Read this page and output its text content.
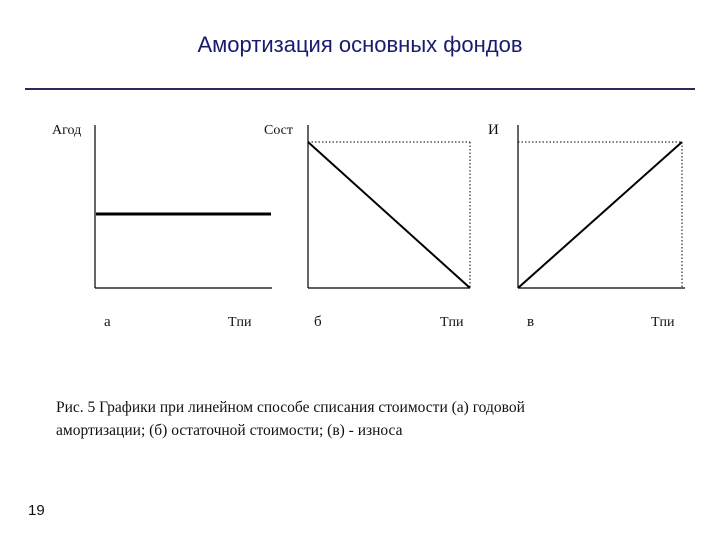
Амортизация основных фондов
Aгод
а	Tпи
Cост
б	Tпи
И
в	Tпи
Рис. 5 Графики при линейном способе списания стоимости (а) годовой
амортизации; (б) остаточной стоимости; (в) - износа
19
